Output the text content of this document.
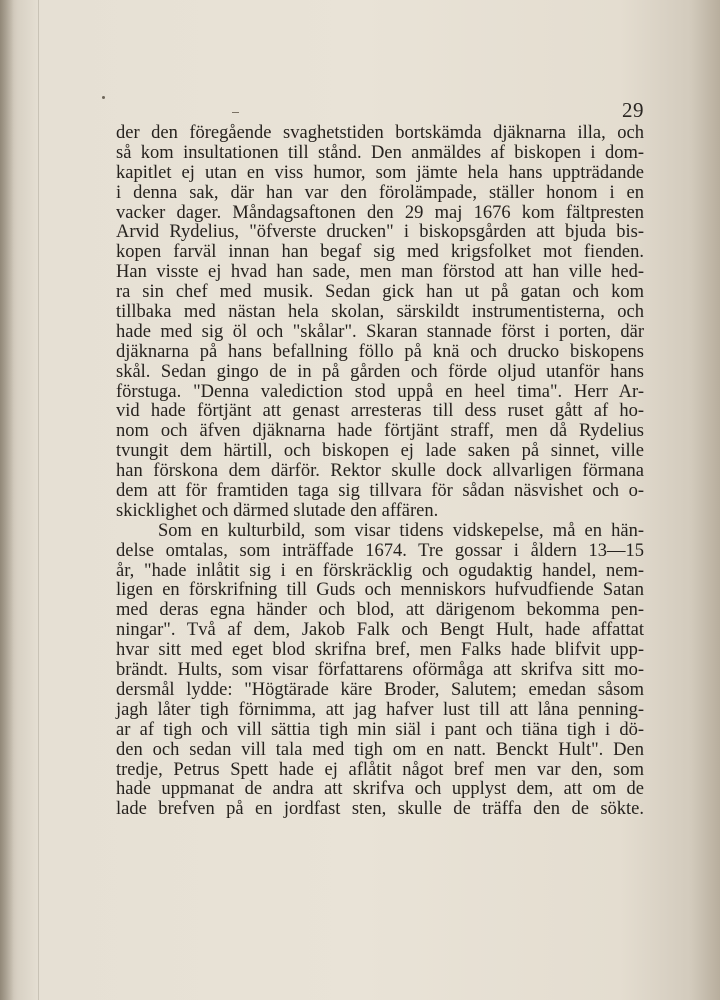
29
der den föregående svaghetstiden bortskämda djäknarna illa, och
så kom insultationen till stånd. Den anmäldes af biskopen i dom-
kapitlet ej utan en viss humor, som jämte hela hans uppträdande
i denna sak, där han var den förolämpade, ställer honom i en
vacker dager. Måndagsaftonen den 29 maj 1676 kom fältpresten
Arvid Rydelius, "öfverste drucken" i biskopsgården att bjuda bis-
kopen farväl innan han begaf sig med krigsfolket mot fienden.
Han visste ej hvad han sade, men man förstod att han ville hed-
ra sin chef med musik. Sedan gick han ut på gatan och kom
tillbaka med nästan hela skolan, särskildt instrumentisterna, och
hade med sig öl och "skålar". Skaran stannade först i porten, där
djäknarna på hans befallning föllo på knä och drucko biskopens
skål. Sedan gingo de in på gården och förde oljud utanför hans
förstuga. "Denna valediction stod uppå en heel tima". Herr Ar-
vid hade förtjänt att genast arresteras till dess ruset gått af ho-
nom och äfven djäknarna hade förtjänt straff, men då Rydelius
tvungit dem härtill, och biskopen ej lade saken på sinnet, ville
han förskona dem därför. Rektor skulle dock allvarligen förmana
dem att för framtiden taga sig tillvara för sådan näsvishet och o-
skicklighet och därmed slutade den affären.
Som en kulturbild, som visar tidens vidskepelse, må en hän-
delse omtalas, som inträffade 1674. Tre gossar i åldern 13—15
år, "hade inlåtit sig i en förskräcklig och ogudaktig handel, nem-
ligen en förskrifning till Guds och menniskors hufvudfiende Satan
med deras egna händer och blod, att därigenom bekomma pen-
ningar". Två af dem, Jakob Falk och Bengt Hult, hade affattat
hvar sitt med eget blod skrifna bref, men Falks hade blifvit upp-
brändt. Hults, som visar författarens oförmåga att skrifva sitt mo-
dersmål lydde: "Högtärade käre Broder, Salutem; emedan såsom
jagh låter tigh förnimma, att jag hafver lust till att låna penning-
ar af tigh och vill sättia tigh min siäl i pant och tiäna tigh i dö-
den och sedan vill tala med tigh om en natt. Benckt Hult". Den
tredje, Petrus Spett hade ej aflåtit något bref men var den, som
hade uppmanat de andra att skrifva och upplyst dem, att om de
lade brefven på en jordfast sten, skulle de träffa den de sökte.
